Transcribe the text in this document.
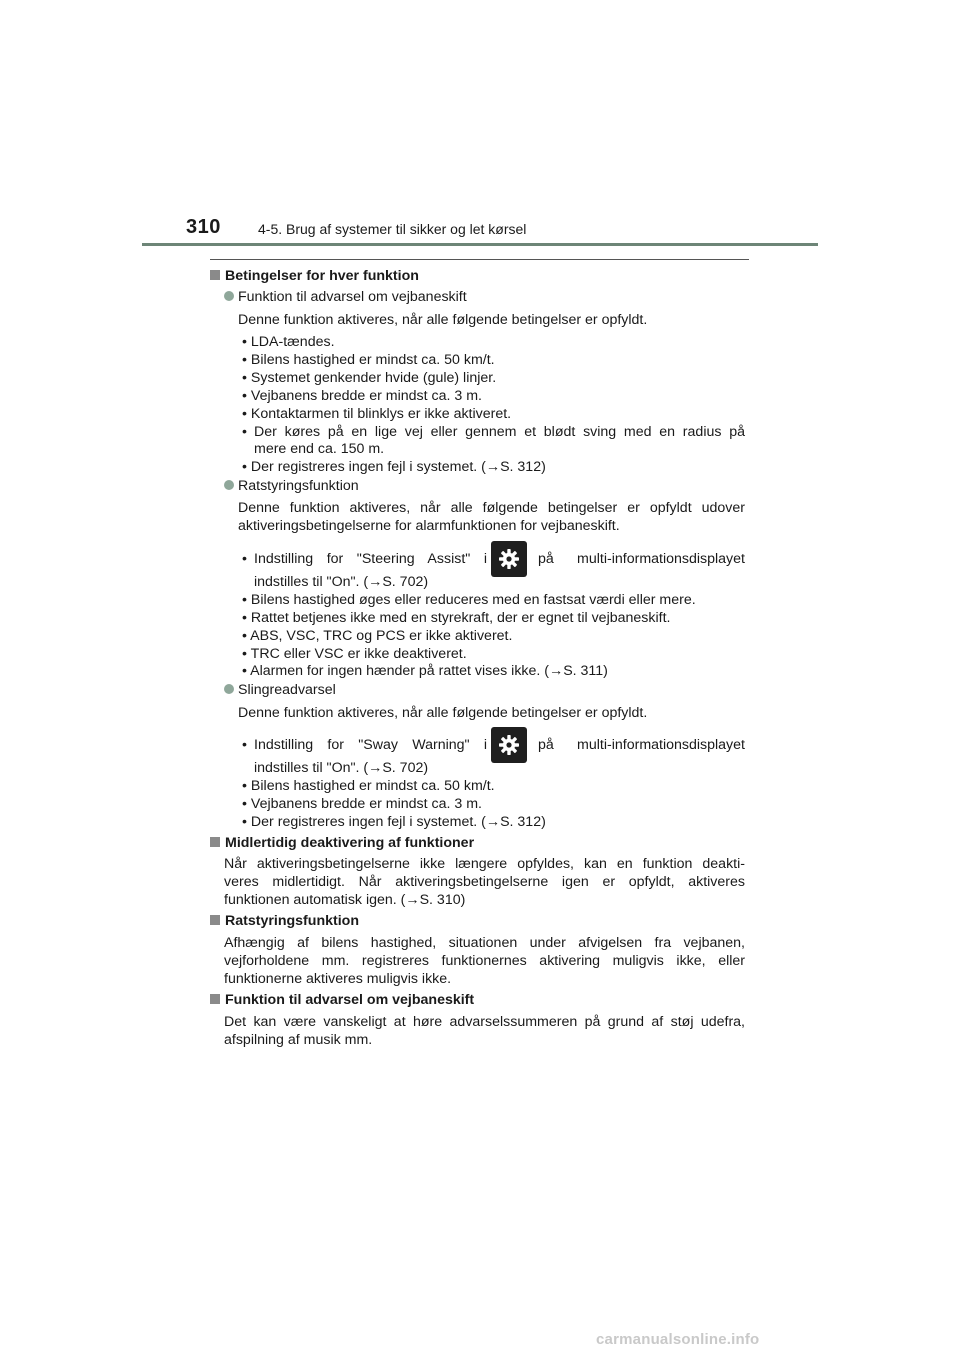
310	4-5. Brug af systemer til sikker og let kørsel
Betingelser for hver funktion
Funktion til advarsel om vejbaneskift
Denne funktion aktiveres, når alle følgende betingelser er opfyldt.
• LDA-tændes.
• Bilens hastighed er mindst ca. 50 km/t.
• Systemet genkender hvide (gule) linjer.
• Vejbanens bredde er mindst ca. 3 m.
• Kontaktarmen til blinklys er ikke aktiveret.
• Der køres på en lige vej eller gennem et blødt sving med en radius på
mere end ca. 150 m.
• Der registreres ingen fejl i systemet. (→S. 312)
Ratstyringsfunktion
Denne funktion aktiveres, når alle følgende betingelser er opfyldt udover
aktiveringsbetingelserne for alarmfunktionen for vejbaneskift.
• Indstilling for "Steering Assist" i	på multi-informationsdisplayet
indstilles til "On". (→S. 702)
• Bilens hastighed øges eller reduceres med en fastsat værdi eller mere.
• Rattet betjenes ikke med en styrekraft, der er egnet til vejbaneskift.
• ABS, VSC, TRC og PCS er ikke aktiveret.
• TRC eller VSC er ikke deaktiveret.
• Alarmen for ingen hænder på rattet vises ikke. (→S. 311)
Slingreadvarsel
Denne funktion aktiveres, når alle følgende betingelser er opfyldt.
• Indstilling for "Sway Warning" i	på multi-informationsdisplayet
indstilles til "On". (→S. 702)
• Bilens hastighed er mindst ca. 50 km/t.
• Vejbanens bredde er mindst ca. 3 m.
• Der registreres ingen fejl i systemet. (→S. 312)
Midlertidig deaktivering af funktioner
Når aktiveringsbetingelserne ikke længere opfyldes, kan en funktion deakti-
veres midlertidigt. Når aktiveringsbetingelserne igen er opfyldt, aktiveres
funktionen automatisk igen. (→S. 310)
Ratstyringsfunktion
Afhængig af bilens hastighed, situationen under afvigelsen fra vejbanen,
vejforholdene mm. registreres funktionernes aktivering muligvis ikke, eller
funktionerne aktiveres muligvis ikke.
Funktion til advarsel om vejbaneskift
Det kan være vanskeligt at høre advarselssummeren på grund af støj udefra,
afspilning af musik mm.
carmanualsonline.info
